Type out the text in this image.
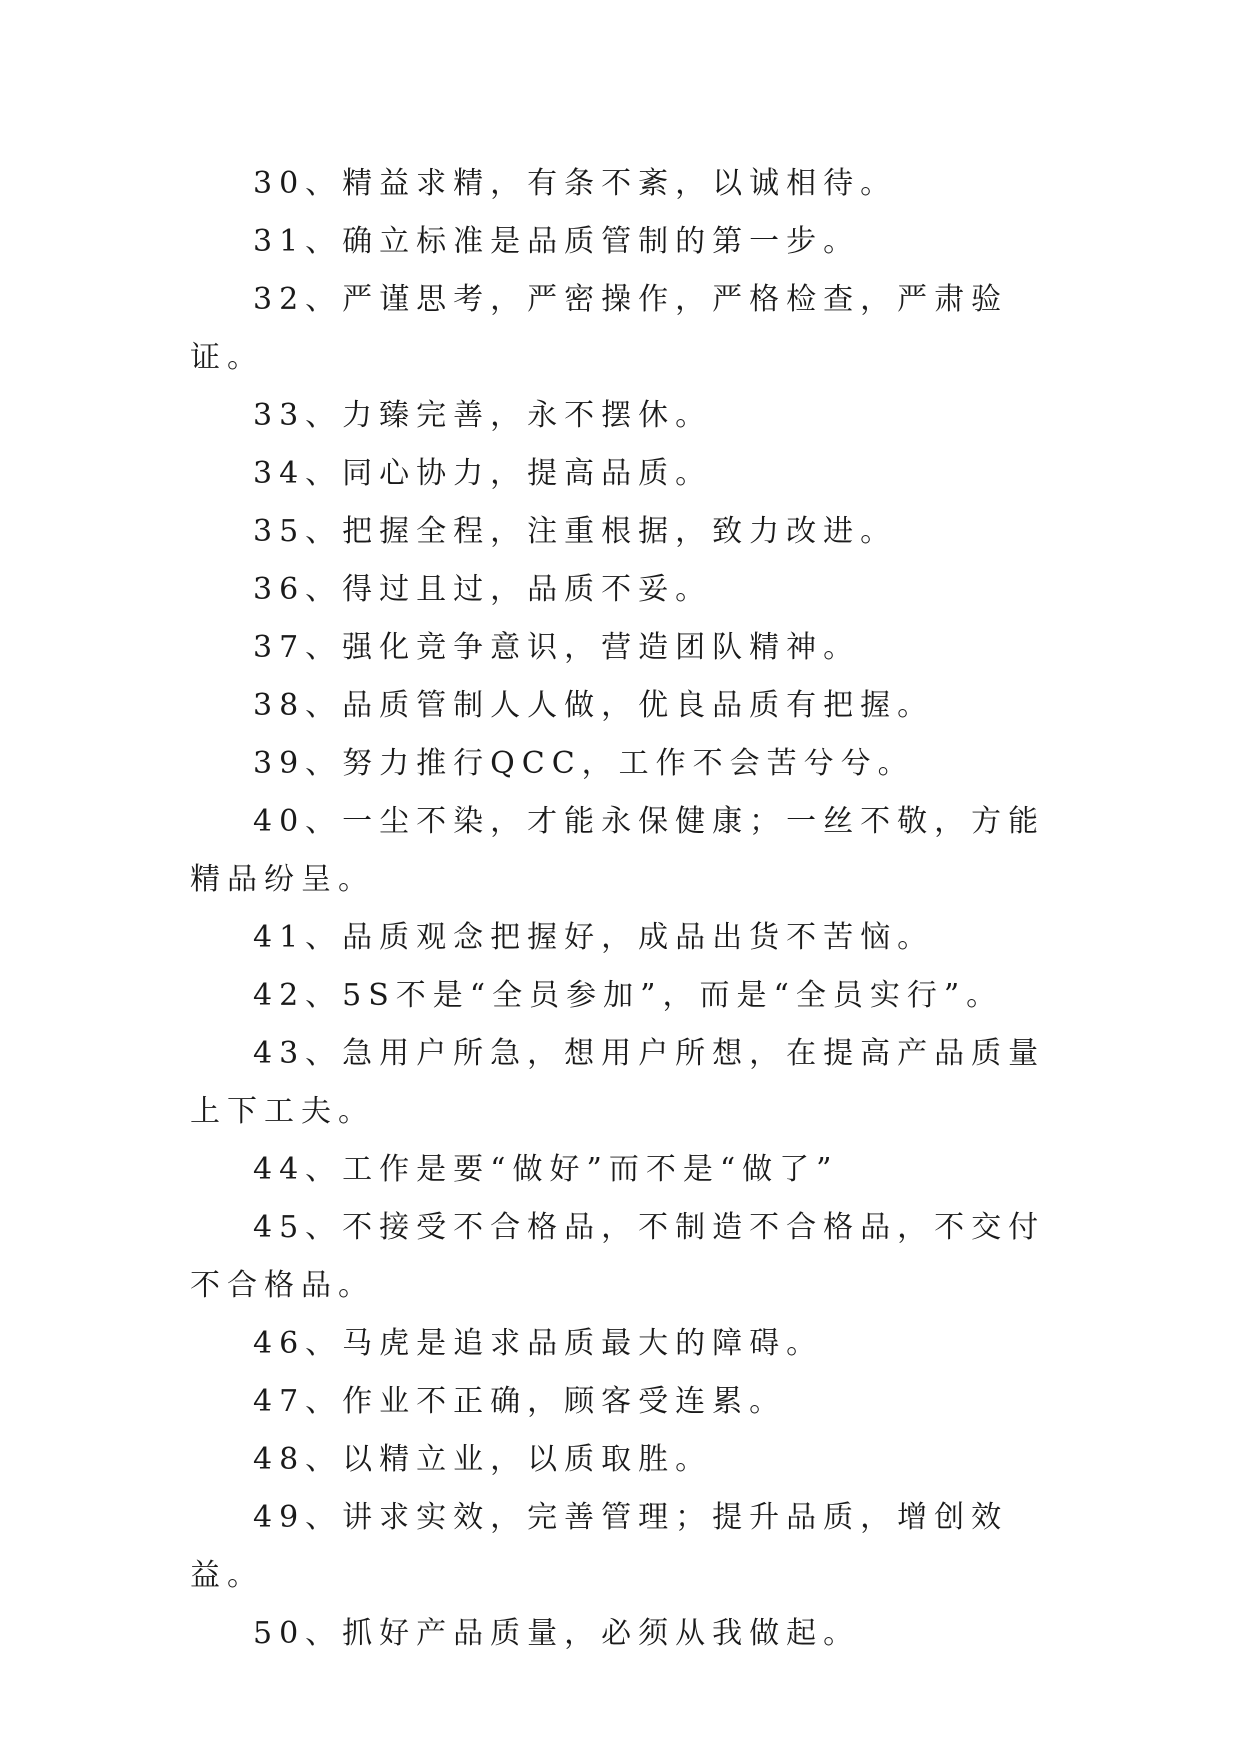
30、精益求精，有条不紊，以诚相待。

31、确立标准是品质管制的第一步。

32、严谨思考，严密操作，严格检查，严肃验证。

33、力臻完善，永不摆休。

34、同心协力，提高品质。

35、把握全程，注重根据，致力改进。

36、得过且过，品质不妥。

37、强化竞争意识，营造团队精神。

38、品质管制人人做，优良品质有把握。

39、努力推行QCC，工作不会苦兮兮。

40、一尘不染，才能永保健康；一丝不敬，方能精品纷呈。

41、品质观念把握好，成品出货不苦恼。

42、5S不是“全员参加”，而是“全员实行”。

43、急用户所急，想用户所想，在提高产品质量上下工夫。

44、工作是要“做好”而不是“做了”

45、不接受不合格品，不制造不合格品，不交付不合格品。

46、马虎是追求品质最大的障碍。

47、作业不正确，顾客受连累。

48、以精立业，以质取胜。

49、讲求实效，完善管理；提升品质，增创效益。

50、抓好产品质量，必须从我做起。
